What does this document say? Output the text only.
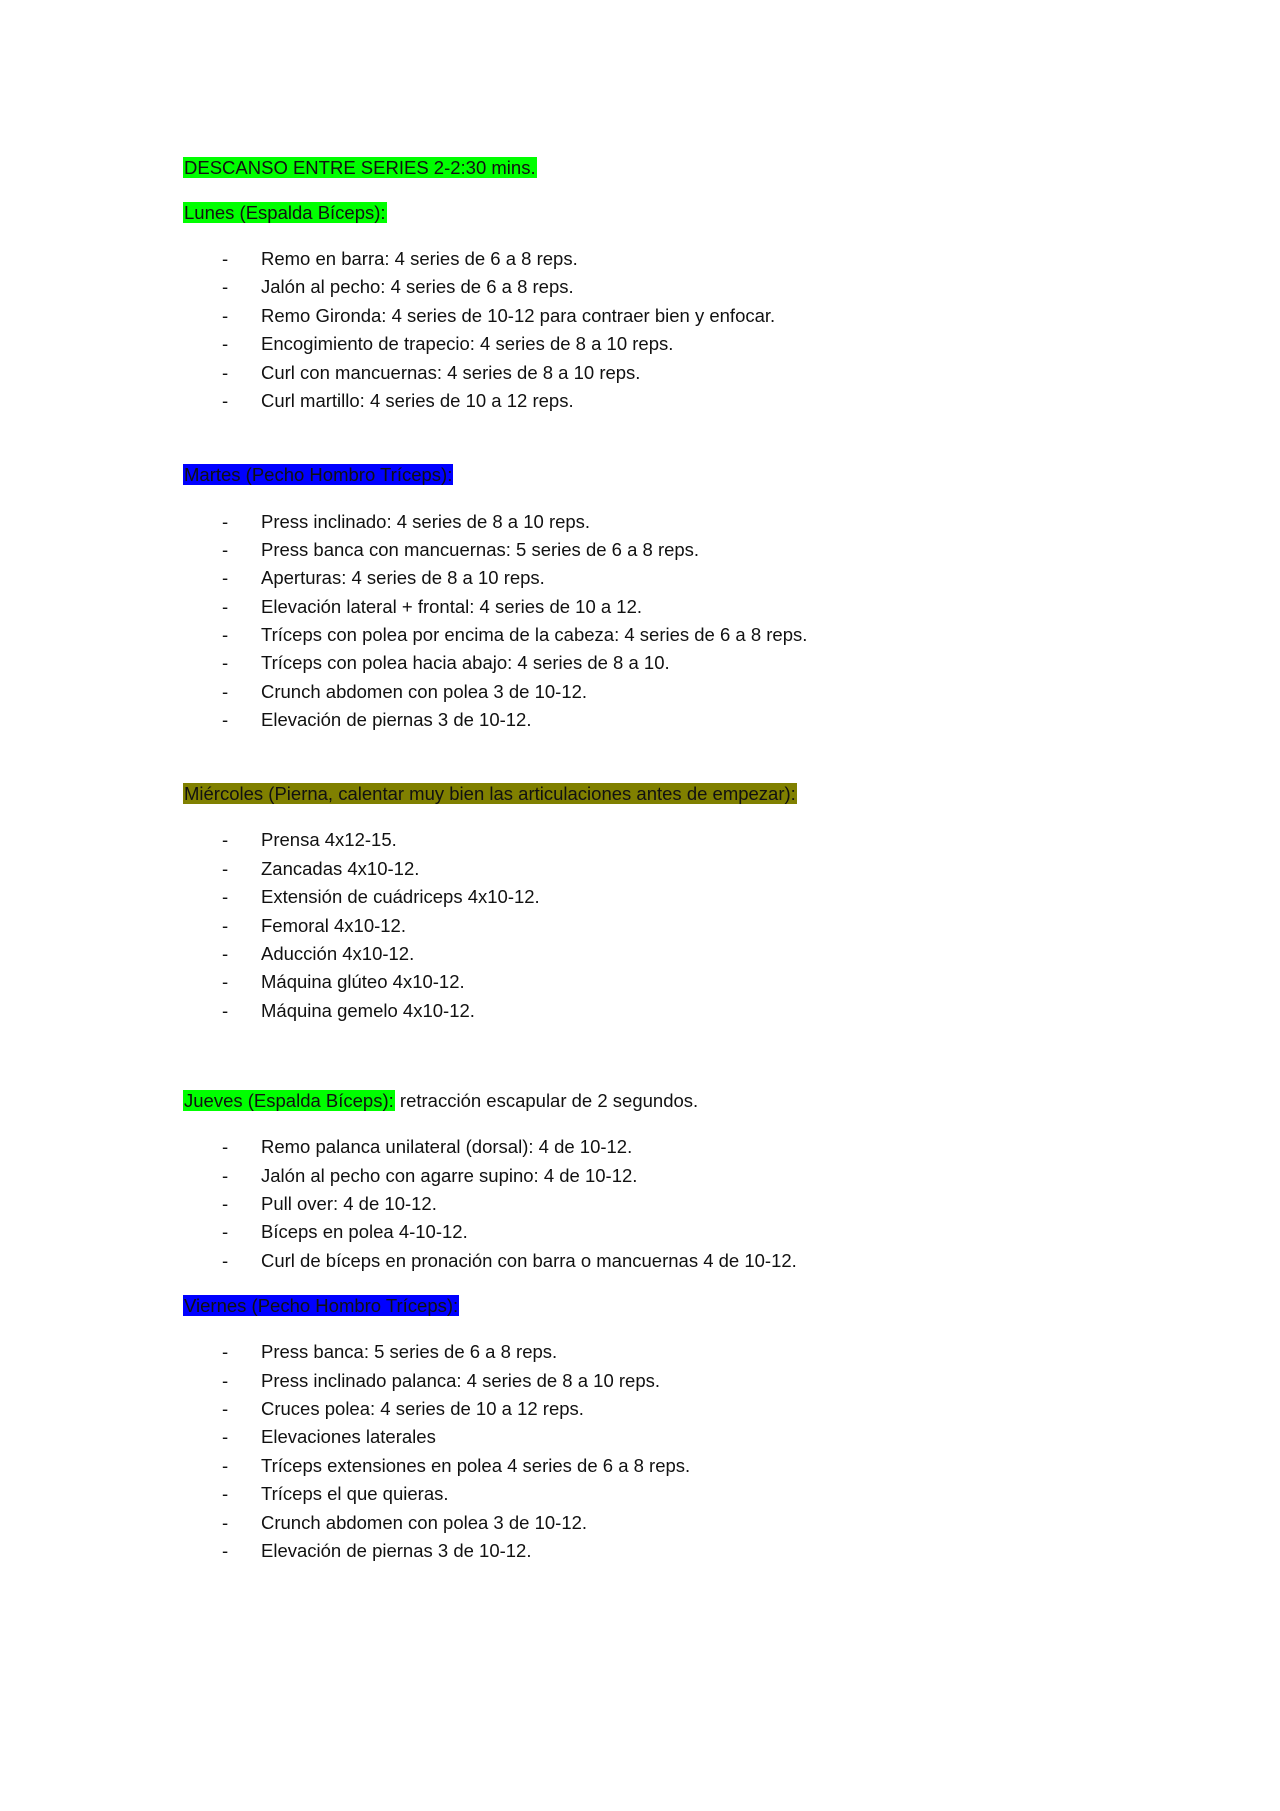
DESCANSO ENTRE SERIES 2-2:30 mins.
Lunes (Espalda Bíceps):
- Remo en barra: 4 series de 6 a 8 reps.
- Jalón al pecho: 4 series de 6 a 8 reps.
- Remo Gironda: 4 series de 10-12 para contraer bien y enfocar.
- Encogimiento de trapecio: 4 series de 8 a 10 reps.
- Curl con mancuernas: 4 series de 8 a 10 reps.
- Curl martillo: 4 series de 10 a 12 reps.
Martes (Pecho Hombro Tríceps):
- Press inclinado: 4 series de 8 a 10 reps.
- Press banca con mancuernas: 5 series de 6 a 8 reps.
- Aperturas: 4 series de 8 a 10 reps.
- Elevación lateral + frontal: 4 series de 10 a 12.
- Tríceps con polea por encima de la cabeza: 4 series de 6 a 8 reps.
- Tríceps con polea hacia abajo: 4 series de 8 a 10.
- Crunch abdomen con polea 3 de 10-12.
- Elevación de piernas 3 de 10-12.
Miércoles (Pierna, calentar muy bien las articulaciones antes de empezar):
- Prensa 4x12-15.
- Zancadas 4x10-12.
- Extensión de cuádriceps 4x10-12.
- Femoral 4x10-12.
- Aducción 4x10-12.
- Máquina glúteo 4x10-12.
- Máquina gemelo 4x10-12.
Jueves (Espalda Bíceps): retracción escapular de 2 segundos.
- Remo palanca unilateral (dorsal): 4 de 10-12.
- Jalón al pecho con agarre supino: 4 de 10-12.
- Pull over: 4 de 10-12.
- Bíceps en polea 4-10-12.
- Curl de bíceps en pronación con barra o mancuernas 4 de 10-12.
Viernes (Pecho Hombro Tríceps):
- Press banca: 5 series de 6 a 8 reps.
- Press inclinado palanca: 4 series de 8 a 10 reps.
- Cruces polea: 4 series de 10 a 12 reps.
- Elevaciones laterales
- Tríceps extensiones en polea 4 series de 6 a 8 reps.
- Tríceps el que quieras.
- Crunch abdomen con polea 3 de 10-12.
- Elevación de piernas 3 de 10-12.
